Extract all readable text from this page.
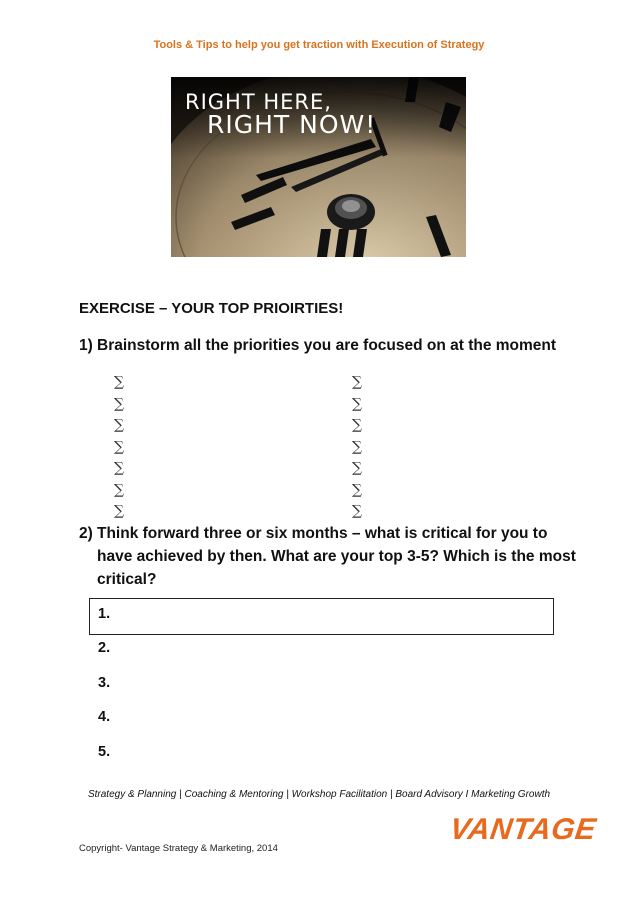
Tools & Tips to help you get traction with Execution of Strategy
RIGHT HERE,
RIGHT NOW!
EXERCISE – YOUR TOP PRIOIRTIES!
1) Brainstorm all the priorities you are focused on at the moment
∑
∑
∑
∑
∑
∑
∑
∑
∑
∑
∑
∑
∑
∑
2) Think forward three or six months – what is critical for you to have achieved by then. What are your top 3-5? Which is the most critical?
1.
2.
3.
4.
5.
Strategy & Planning | Coaching & Mentoring | Workshop Facilitation | Board Advisory I Marketing Growth
VANTAGE
Copyright- Vantage Strategy & Marketing, 2014
